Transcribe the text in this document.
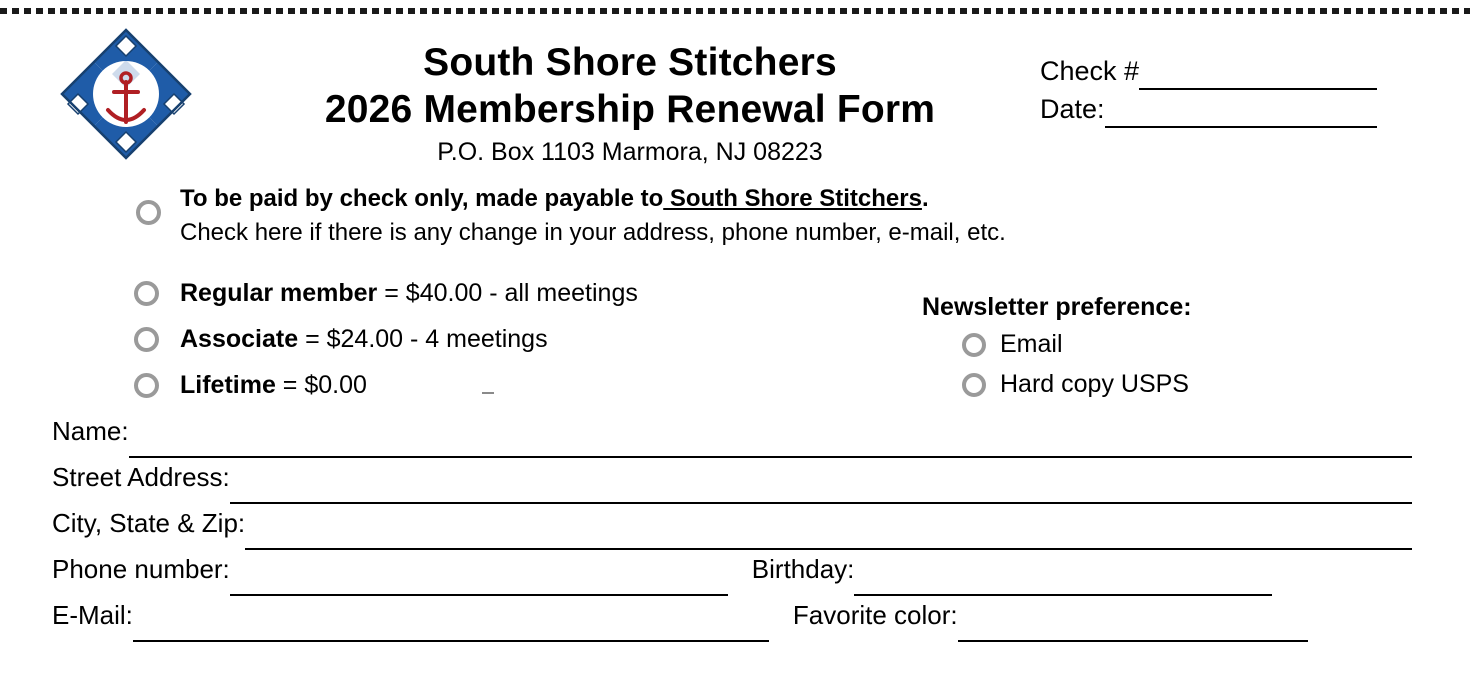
South Shore Stitchers
2026 Membership Renewal Form
P.O. Box 1103 Marmora, NJ 08223
Check #
Date:
To be paid by check only, made payable to South Shore Stitchers.
Check here if there is any change in your address, phone number, e-mail, etc.
Regular member = $40.00 - all meetings
Associate = $24.00 - 4 meetings
Lifetime = $0.00
Newsletter preference:
Email
Hard copy USPS
Name:
Street Address:
City, State & Zip:
Phone number:	Birthday:
E-Mail:	Favorite color:
